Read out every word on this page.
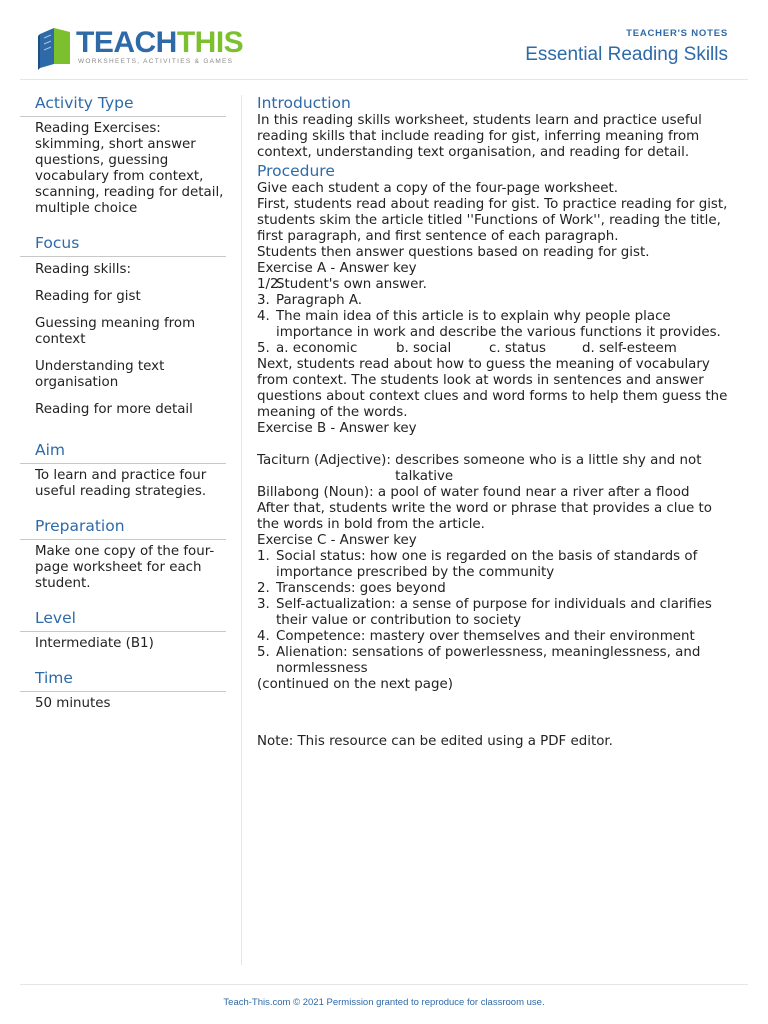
TEACHTHIS
WORKSHEETS, ACTIVITIES & GAMES
TEACHER'S NOTES
Essential Reading Skills
Activity Type
Reading Exercises: skimming, short answer questions, guessing vocabulary from context, scanning, reading for detail, multiple choice
Focus
Reading skills:
Reading for gist
Guessing meaning from context
Understanding text organisation
Reading for more detail
Aim
To learn and practice four useful reading strategies.
Preparation
Make one copy of the four-page worksheet for each student.
Level
Intermediate (B1)
Time
50 minutes
Introduction

In this reading skills worksheet, students learn and practice useful reading skills that include reading for gist, inferring meaning from context, understanding text organisation, and reading for detail.

Procedure

Give each student a copy of the four-page worksheet.

First, students read about reading for gist. To practice reading for gist, students skim the article titled ''Functions of Work'', reading the title, first paragraph, and first sentence of each paragraph.

Students then answer questions based on reading for gist.

Exercise A - Answer key

1/2.
Student's own answer.
3. Paragraph A.
4. The main idea of this article is to explain why people place importance in work and describe the various functions it provides.
5. a. economic	b. social	c. status	d. self-esteem

Next, students read about how to guess the meaning of vocabulary from context. The students look at words in sentences and answer questions about context clues and word forms to help them guess the meaning of the words.

Exercise B - Answer key

Taciturn (Adjective):
describes someone who is a little shy and not talkative
Billabong (Noun):
a pool of water found near a river after a flood

After that, students write the word or phrase that provides a clue to the words in bold from the article.

Exercise C - Answer key

1. Social status: how one is regarded on the basis of standards of importance prescribed by the community
2. Transcends: goes beyond
3. Self-actualization: a sense of purpose for individuals and clarifies their value or contribution to society
4. Competence: mastery over themselves and their environment
5. Alienation: sensations of powerlessness, meaninglessness, and normlessness

(continued on the next page)

Note: This resource can be edited using a PDF editor.

Teach-This.com © 2021 Permission granted to reproduce for classroom use.
